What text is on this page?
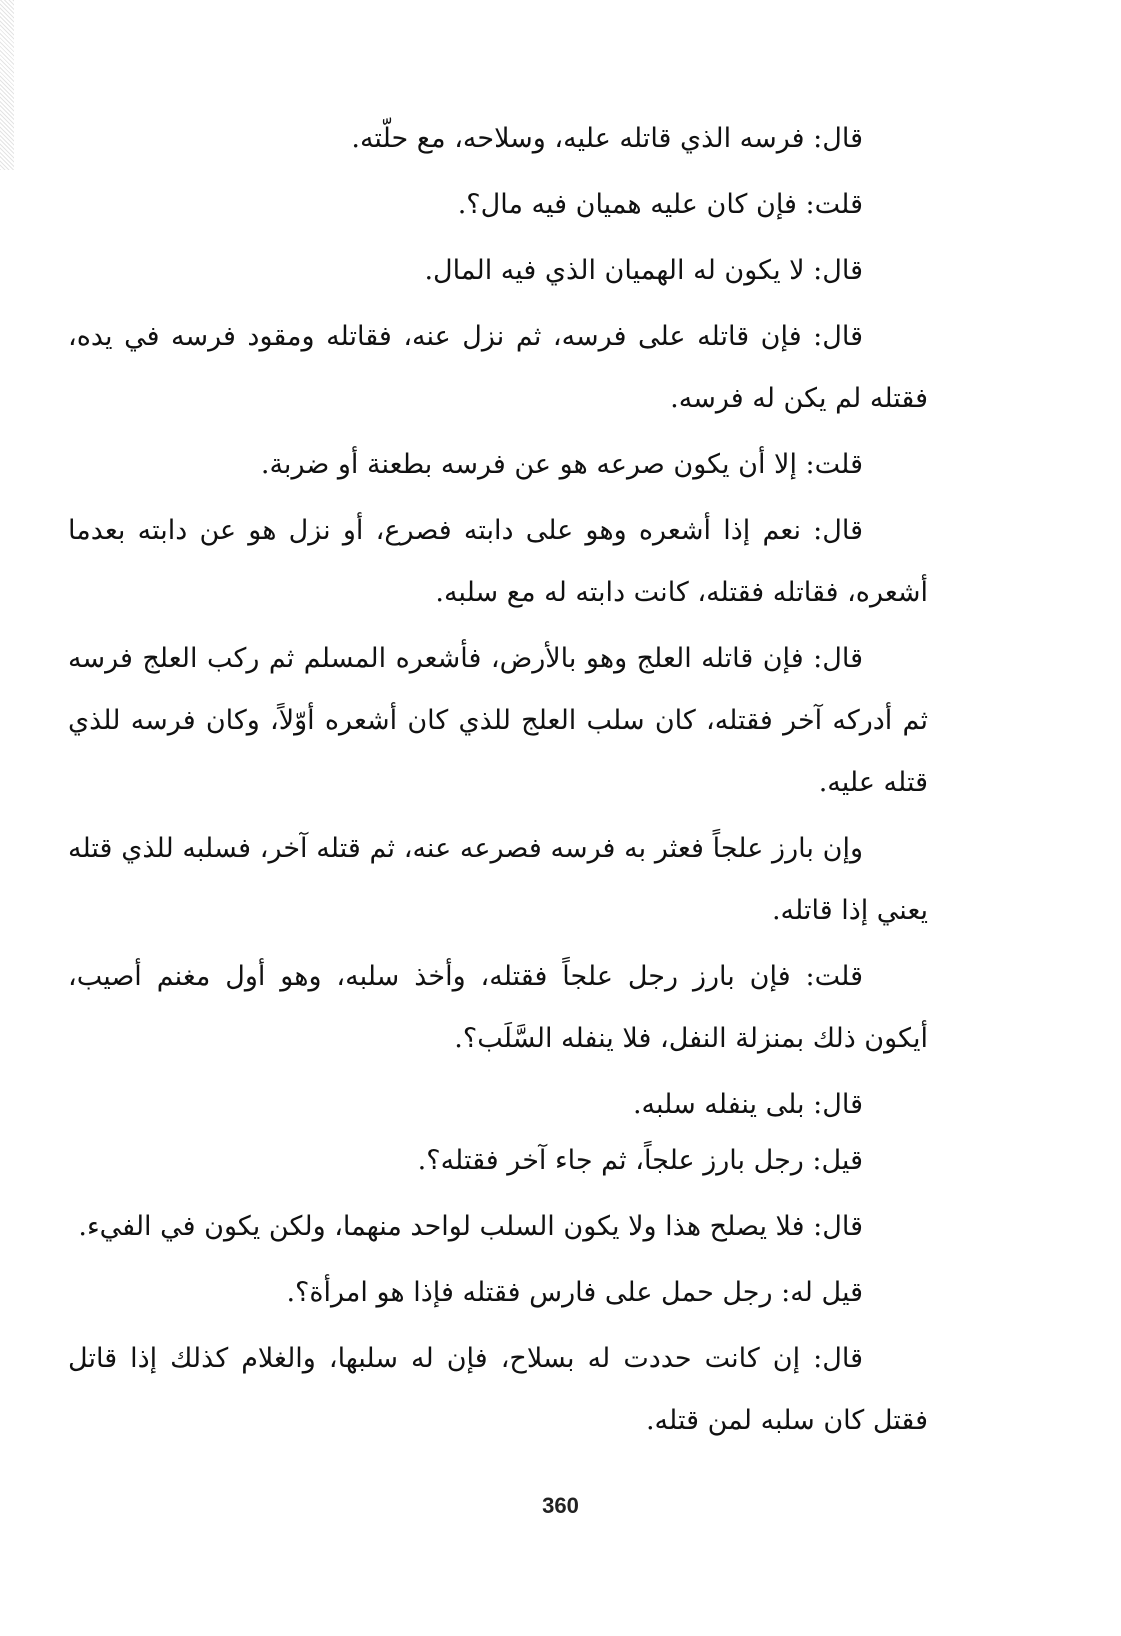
قال: فرسه الذي قاتله عليه، وسلاحه، مع حلّته.

قلت: فإن كان عليه هميان فيه مال؟.

قال: لا يكون له الهميان الذي فيه المال.

قال: فإن قاتله على فرسه، ثم نزل عنه، فقاتله ومقود فرسه في يده، فقتله لم يكن له فرسه.

قلت: إلا أن يكون صرعه هو عن فرسه بطعنة أو ضربة.

قال: نعم إذا أشعره وهو على دابته فصرع، أو نزل هو عن دابته بعدما أشعره، فقاتله فقتله، كانت دابته له مع سلبه.

قال: فإن قاتله العلج وهو بالأرض، فأشعره المسلم ثم ركب العلج فرسه ثم أدركه آخر فقتله، كان سلب العلج للذي كان أشعره أوّلاً، وكان فرسه للذي قتله عليه.

وإن بارز علجاً فعثر به فرسه فصرعه عنه، ثم قتله آخر، فسلبه للذي قتله يعني إذا قاتله.

قلت: فإن بارز رجل علجاً فقتله، وأخذ سلبه، وهو أول مغنم أصيب، أيكون ذلك بمنزلة النفل، فلا ينفله السَّلَب؟.

قال: بلى ينفله سلبه.

قيل: رجل بارز علجاً، ثم جاء آخر فقتله؟.

قال: فلا يصلح هذا ولا يكون السلب لواحد منهما، ولكن يكون في الفيء.

قيل له: رجل حمل على فارس فقتله فإذا هو امرأة؟.

قال: إن كانت حددت له بسلاح، فإن له سلبها، والغلام كذلك إذا قاتل فقتل كان سلبه لمن قتله.

360
